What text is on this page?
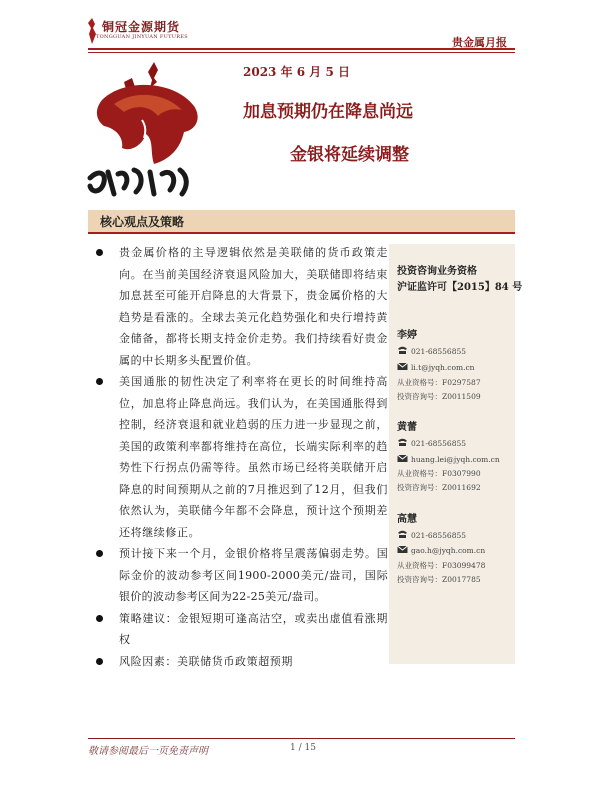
铜冠金源期货
TONGGUAN JINYUAN FUTURES	贵金属月报
2023 年 6 月 5 日
加息预期仍在降息尚远
金银将延续调整
核心观点及策略
贵金属价格的主导逻辑依然是美联储的货币政策走向。在当前美国经济衰退风险加大，美联储即将结束加息甚至可能开启降息的大背景下，贵金属价格的大趋势是看涨的。全球去美元化趋势强化和央行增持黄金储备，都将长期支持金价走势。我们持续看好贵金属的中长期多头配置价值。
美国通胀的韧性决定了利率将在更长的时间维持高位，加息将止降息尚远。我们认为，在美国通胀得到控制，经济衰退和就业趋弱的压力进一步显现之前，美国的政策利率都将维持在高位，长端实际利率的趋势性下行拐点仍需等待。虽然市场已经将美联储开启降息的时间预期从之前的7月推迟到了12月，但我们依然认为，美联储今年都不会降息，预计这个预期差还将继续修正。
预计接下来一个月，金银价格将呈震荡偏弱走势。国际金价的波动参考区间1900-2000美元/盎司，国际银价的波动参考区间为22-25美元/盎司。
策略建议：金银短期可逢高沽空，或卖出虚值看涨期权
风险因素：美联储货币政策超预期
投资咨询业务资格
沪证监许可【2015】84 号
李婷
021-68556855
li.t@jyqh.com.cn
从业资格号：F0297587
投资咨询号：Z0011509
黄蕾
021-68556855
huang.lei@jyqh.com.cn
从业资格号：F0307990
投资咨询号：Z0011692
高慧
021-68556855
gao.h@jyqh.com.cn
从业资格号：F03099478
投资咨询号：Z0017785
敬请参阅最后一页免责声明	1 / 15
